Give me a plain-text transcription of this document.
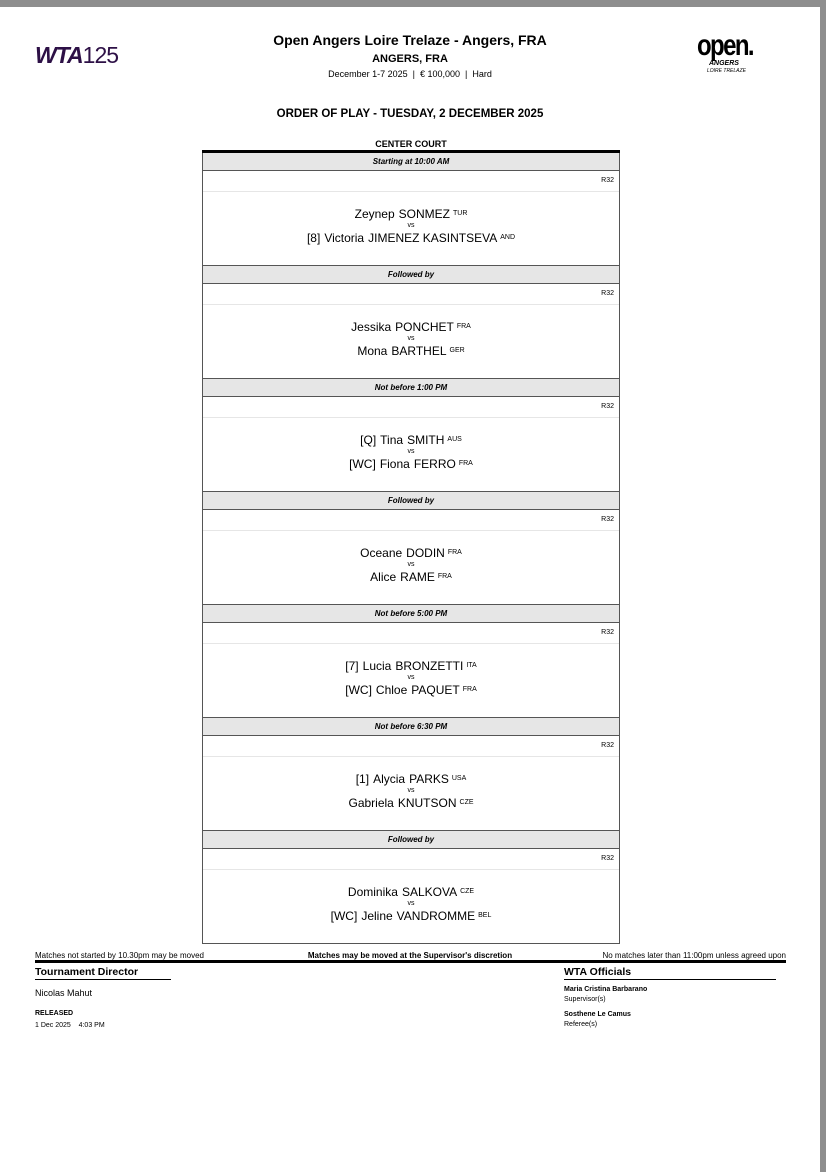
WTA125	open.
ANGERS
LOIRE TRELAZE
Open Angers Loire Trelaze - Angers, FRA
ANGERS, FRA
December 1-7 2025  |  € 100,000  |  Hard
ORDER OF PLAY - TUESDAY, 2 DECEMBER 2025
CENTER COURT
Starting at 10:00 AM
R32
Zeynep SONMEZ $^{TUR}$
vs
[8] Victoria JIMENEZ KASINTSEVA $^{AND}$
Followed by
R32
Jessika PONCHET $^{FRA}$
vs
Mona BARTHEL $^{GER}$
Not before 1:00 PM
R32
[Q] Tina SMITH $^{AUS}$
vs
[WC] Fiona FERRO $^{FRA}$
Followed by
R32
Oceane DODIN $^{FRA}$
vs
Alice RAME $^{FRA}$
Not before 5:00 PM
R32
[7] Lucia BRONZETTI $^{ITA}$
vs
[WC] Chloe PAQUET $^{FRA}$
Not before 6:30 PM
R32
[1] Alycia PARKS $^{USA}$
vs
Gabriela KNUTSON $^{CZE}$
Followed by
R32
Dominika SALKOVA $^{CZE}$
vs
[WC] Jeline VANDROMME $^{BEL}$
Matches not started by 10.30pm may be moved	Matches may be moved at the Supervisor's discretion	No matches later than 11:00pm unless agreed upon
Tournament Director
Nicolas Mahut
RELEASED
1 Dec 2025    4:03 PM
WTA Officials
Maria Cristina Barbarano
Supervisor(s)
Sosthene Le Camus
Referee(s)
